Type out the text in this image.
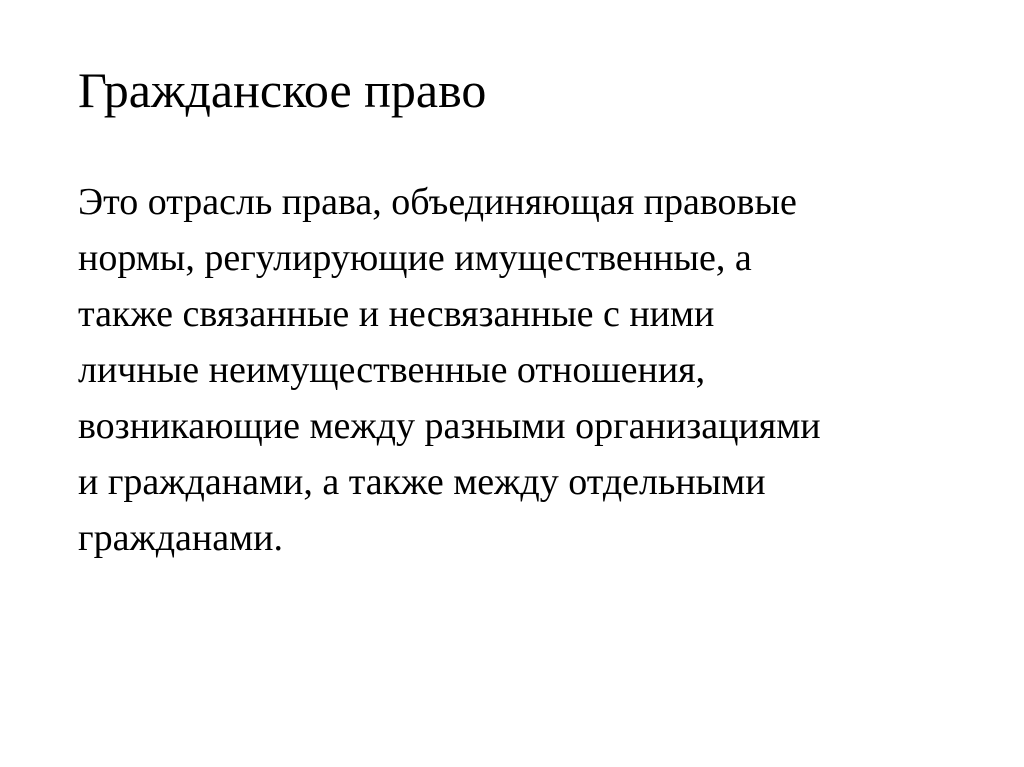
Гражданское право

Это отрасль права, объединяющая правовые
нормы, регулирующие имущественные, а
также связанные и несвязанные с ними
личные неимущественные отношения,
возникающие между разными организациями
и гражданами, а также между отдельными
гражданами.
